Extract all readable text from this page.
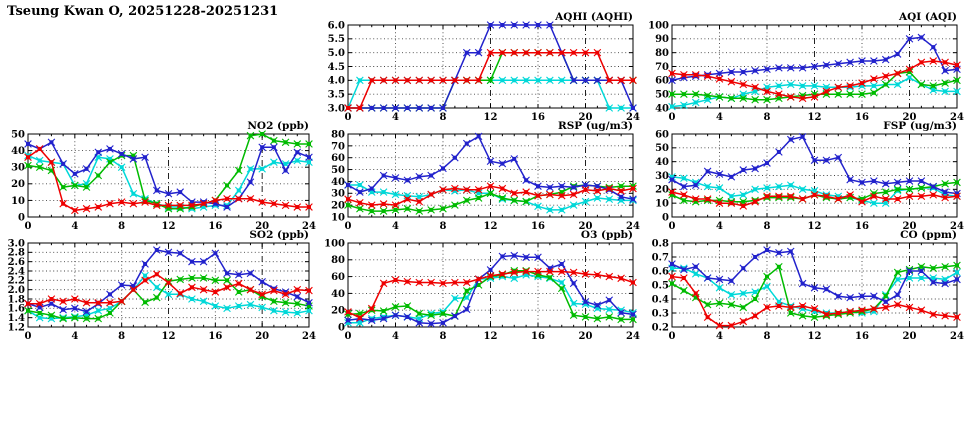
Tseung Kwan O, 20251228-20251231
3.0
3.5
4.0
4.5
5.0
5.5
6.0
0	4	8	12	16	20	24
AQHI (AQHI)
40
50
60
70
80
90
100
0	4	8	12	16	20	24
AQI (AQI)
0
10
20
30
40
50
0	4	8	12	16	20	24
NO2 (ppb)
10
20
30
40
50
60
70
80
0	4	8	12	16	20	24
RSP (ug/m3)
0
10
20
30
40
50
60
0	4	8	12	16	20	24
FSP (ug/m3)
1.2
1.4
1.6
1.8
2.0
2.2
2.4
2.6
2.8
3.0
0	4	8	12	16	20	24
SO2 (ppb)
0
20
40
60
80
100
0	4	8	12	16	20	24
O3 (ppb)
0.2
0.3
0.4
0.5
0.6
0.7
0.8
0	4	8	12	16	20	24
CO (ppm)
